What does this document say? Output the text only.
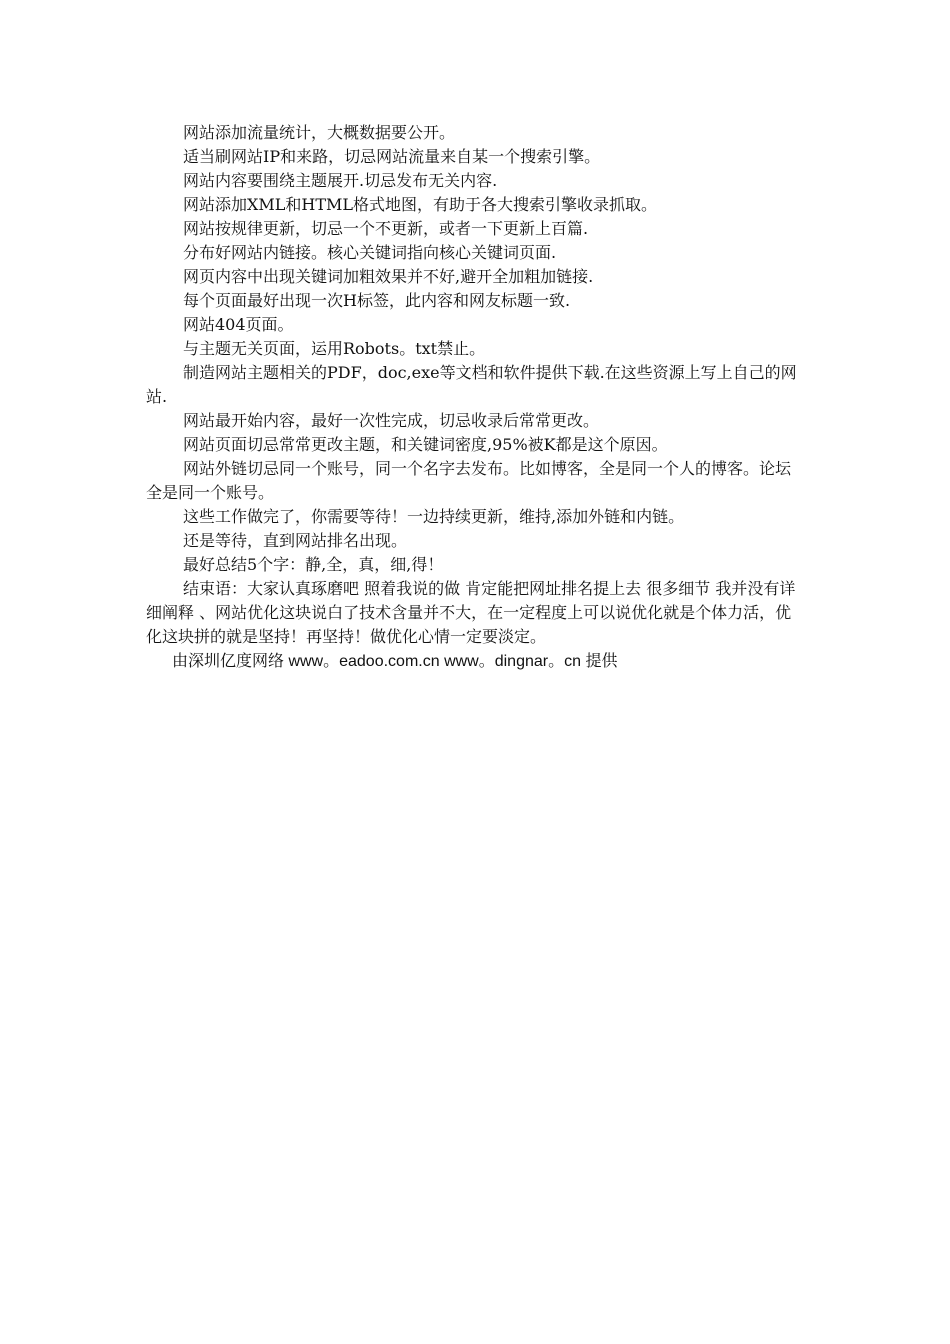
网站添加流量统计，大概数据要公开。

适当刷网站IP和来路，切忌网站流量来自某一个搜索引擎。

网站内容要围绕主题展开.切忌发布无关内容.

网站添加XML和HTML格式地图，有助于各大搜索引擎收录抓取。

网站按规律更新，切忌一个不更新，或者一下更新上百篇.

分布好网站内链接。核心关键词指向核心关键词页面.

网页内容中出现关键词加粗效果并不好,避开全加粗加链接.

每个页面最好出现一次H标签，此内容和网友标题一致.

网站404页面。

与主题无关页面，运用Robots。txt禁止。

制造网站主题相关的PDF，doc,exe等文档和软件提供下载.在这些资源上写上自己的网站.

网站最开始内容，最好一次性完成，切忌收录后常常更改。

网站页面切忌常常更改主题，和关键词密度,95%被K都是这个原因。

网站外链切忌同一个账号，同一个名字去发布。比如博客，全是同一个人的博客。论坛全是同一个账号。

这些工作做完了，你需要等待！一边持续更新，维持,添加外链和内链。

还是等待，直到网站排名出现。

最好总结5个字：静,全，真，细,得！

结束语：大家认真琢磨吧 照着我说的做 肯定能把网址排名提上去 很多细节 我并没有详细阐释 、网站优化这块说白了技术含量并不大，在一定程度上可以说优化就是个体力活，优化这块拼的就是坚持！再坚持！做优化心情一定要淡定。

由深圳亿度网络 www。eadoo.com.cn www。dingnar。cn 提供
